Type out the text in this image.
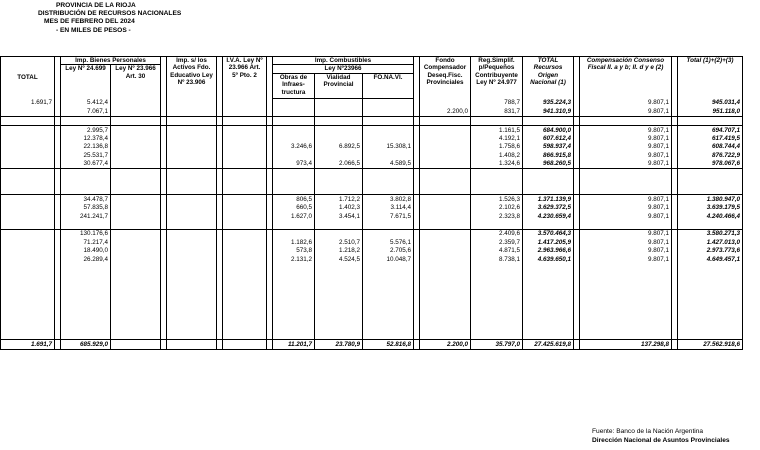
PROVINCIA DE LA RIOJA
DISTRIBUCIÓN DE RECURSOS NACIONALES
MES DE FEBRERO DEL 2024
- EN MILES DE PESOS -
TOTAL		Imp. Bienes Personales			Imp. s/ los Activos Fdo. Educativo Ley Nº 23.906		I.V.A. Ley Nº 23.966 Art. 5º Pto. 2		Imp. Combustibles				Fondo Compensador Deseq.Fisc. Provinciales	Reg.Simplif. p/Pequeños Contribuyente Ley Nº 24.977	TOTAL Recursos Origen Nacional (1)		Compensación Consenso Fiscal II. a y b; II. d y e (2)		Total (1)+(2)+(3)
		Ley Nº 24.699	Ley Nº 23.966 Art. 30						Ley Nº23966										
									Obras de Infraes- tructura	Vialidad Provincial	FO.NA.VI.								
1.691,7		5.412,4												788,7	935.224,3		9.807,1		945.031,4
		7.067,1											2.200,0	831,7	941.310,9		9.807,1		951.118,0

		2.995,7												1.161,5	684.900,0		9.807,1		694.707,1
		12.378,4												4.192,1	607.612,4		9.807,1		617.419,5
		22.136,8							3.246,6	6.892,5	15.308,1			1.758,6	598.937,4		9.807,1		608.744,4
		25.531,7												1.408,2	866.915,8		9.807,1		876.722,9
		30.677,4							973,4	2.066,5	4.589,5			1.324,6	968.260,5		9.807,1		978.067,6

		34.478,7							806,5	1.712,2	3.802,8			1.526,3	1.371.139,9		9.807,1		1.380.947,0
		57.835,8							660,5	1.402,3	3.114,4			2.102,6	3.629.372,5		9.807,1		3.639.179,5
		241.241,7							1.627,0	3.454,1	7.671,5			2.323,8	4.230.659,4		9.807,1		4.240.466,4

		130.176,6												2.409,6	3.570.464,3		9.807,1		3.580.271,3
		71.217,4							1.182,6	2.510,7	5.576,1			2.359,7	1.417.205,9		9.807,1		1.427.013,0
		18.490,0							573,8	1.218,2	2.705,6			4.871,5	2.963.966,6		9.807,1		2.973.773,6
		26.289,4							2.131,2	4.524,5	10.048,7			8.738,1	4.639.650,1		9.807,1		4.649.457,1

1.691,7		685.929,0							11.201,7	23.780,9	52.816,8		2.200,0	35.797,0	27.425.619,8		137.298,8		27.562.918,6
Fuente: Banco de la Nación Argentina
Dirección Nacional de Asuntos Provinciales
